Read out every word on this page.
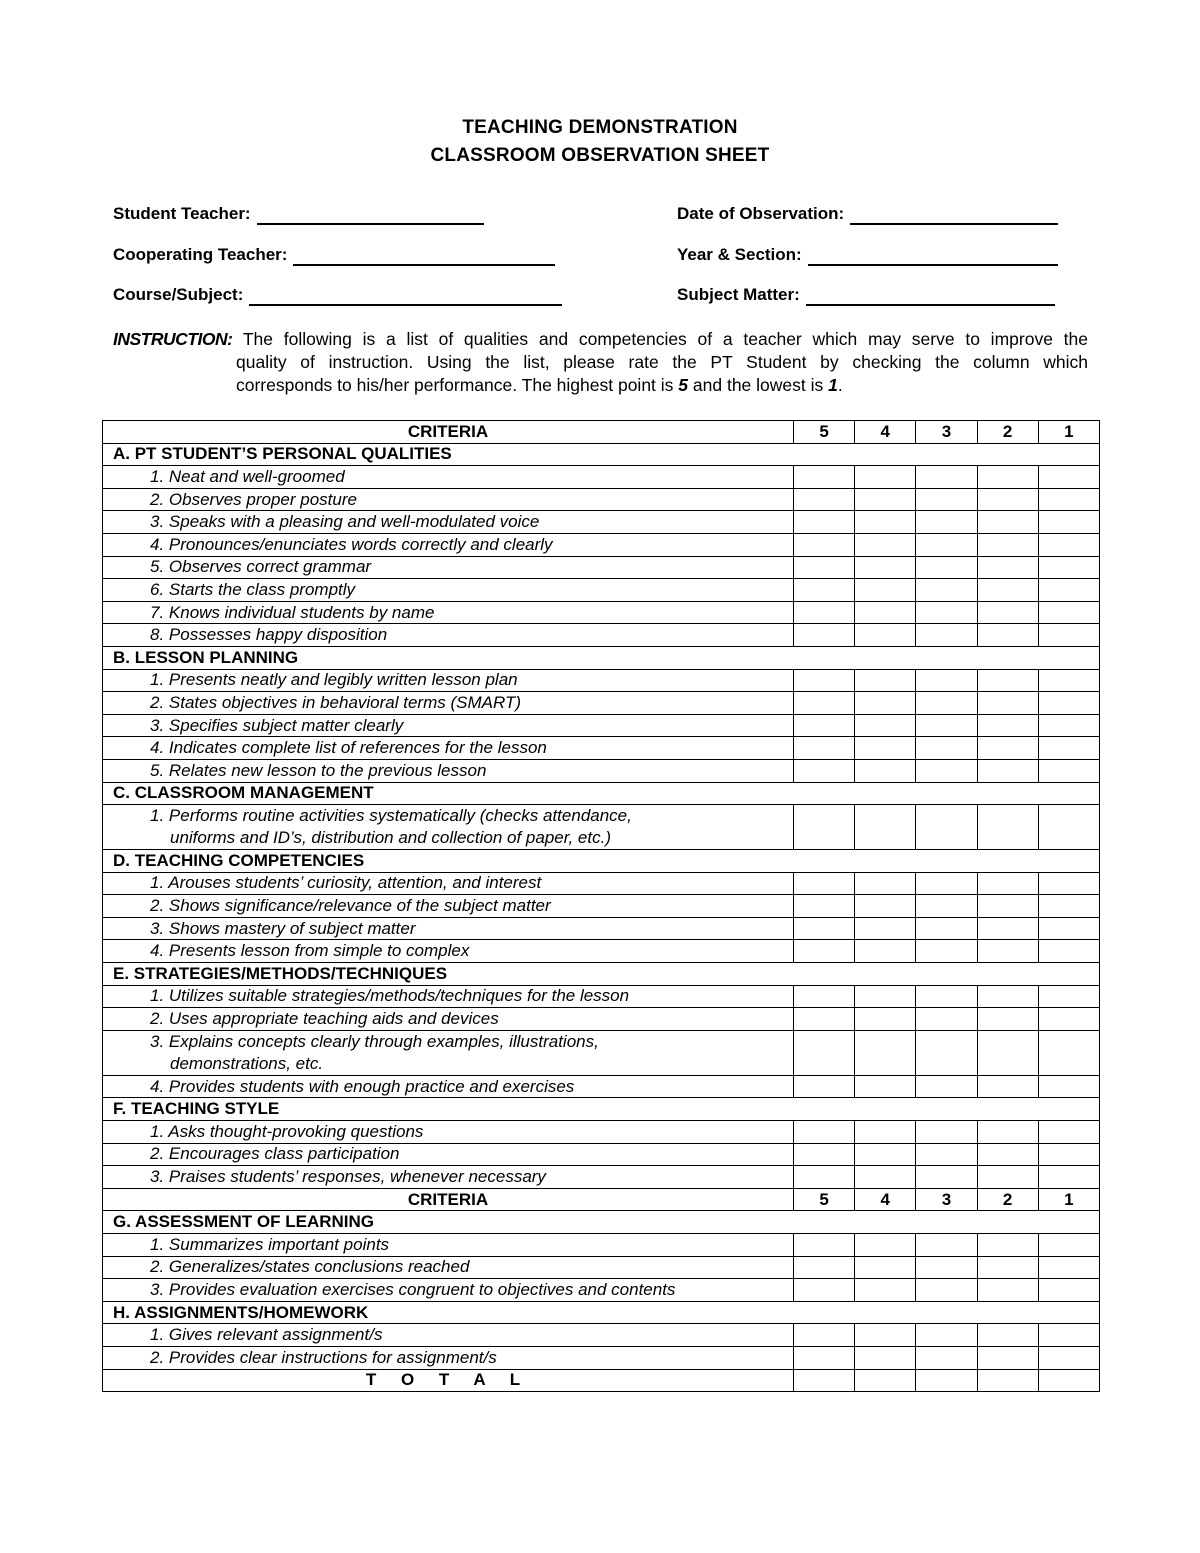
TEACHING DEMONSTRATION
CLASSROOM OBSERVATION SHEET
Student Teacher:
Cooperating Teacher:
Course/Subject:
Date of Observation:
Year & Section:
Subject Matter:
INSTRUCTION: The following is a list of qualities and competencies of a teacher which may serve to improve the
quality of instruction. Using the list, please rate the PT Student by checking the column which
corresponds to his/her performance. The highest point is 5 and the lowest is 1.
CRITERIA	5	4	3	2	1
A. PT STUDENT’S PERSONAL QUALITIES					
1. Neat and well-groomed					
2. Observes proper posture					
3. Speaks with a pleasing and well-modulated voice					
4. Pronounces/enunciates words correctly and clearly					
5. Observes correct grammar					
6. Starts the class promptly					
7. Knows individual students by name					
8. Possesses happy disposition					
B. LESSON PLANNING					
1. Presents neatly and legibly written lesson plan					
2. States objectives in behavioral terms (SMART)					
3. Specifies subject matter clearly					
4. Indicates complete list of references for the lesson					
5. Relates new lesson to the previous lesson					
C. CLASSROOM MANAGEMENT					

1. Performs routine activities systematically (checks attendance,
uniforms and ID’s, distribution and collection of paper, etc.)					

D. TEACHING COMPETENCIES					
1. Arouses students’ curiosity, attention, and interest					
2. Shows significance/relevance of the subject matter					
3. Shows mastery of subject matter					
4. Presents lesson from simple to complex					
E. STRATEGIES/METHODS/TECHNIQUES					
1. Utilizes suitable strategies/methods/techniques for the lesson					
2. Uses appropriate teaching aids and devices					

3. Explains concepts clearly through examples, illustrations,
demonstrations, etc.					

4. Provides students with enough practice and exercises					
F. TEACHING STYLE					
1. Asks thought-provoking questions					
2. Encourages class participation					
3. Praises students’ responses, whenever necessary					
CRITERIA	5	4	3	2	1
G. ASSESSMENT OF LEARNING					
1. Summarizes important points					
2. Generalizes/states conclusions reached					
3. Provides evaluation exercises congruent to objectives and contents					
H. ASSIGNMENTS/HOMEWORK					
1. Gives relevant assignment/s					
2. Provides clear instructions for assignment/s					
T O T A L					
